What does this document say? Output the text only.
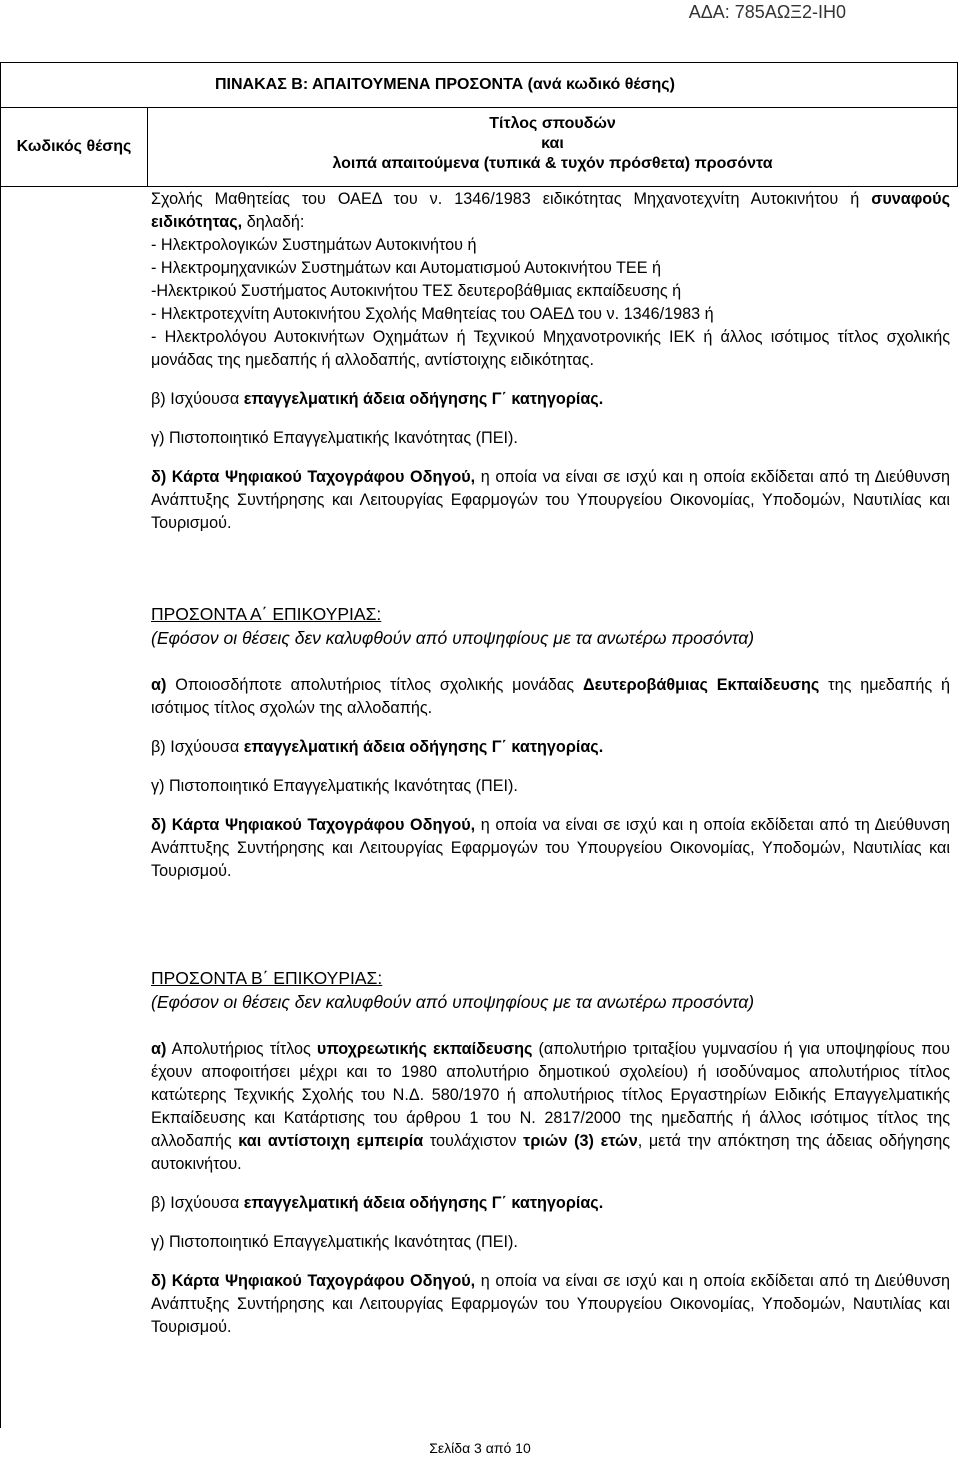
ΑΔΑ: 785ΑΩΞ2-ΙΗ0
ΠΙΝΑΚΑΣ Β: ΑΠΑΙΤΟΥΜΕΝΑ ΠΡΟΣΟΝΤΑ (ανά κωδικό θέσης)
Κωδικός θέσης	
Τίτλος σπουδών
και
λοιπά απαιτούμενα (τυπικά & τυχόν πρόσθετα) προσόντα

Σχολής Μαθητείας του ΟΑΕΔ του ν. 1346/1983 ειδικότητας Μηχανοτεχνίτη Αυτοκινήτου ή συναφούς ειδικότητας, δηλαδή:

- Ηλεκτρολογικών Συστημάτων Αυτοκινήτου ή

- Ηλεκτρομηχανικών Συστημάτων και Αυτοματισμού Αυτοκινήτου ΤΕΕ ή

-Ηλεκτρικού Συστήματος Αυτοκινήτου ΤΕΣ δευτεροβάθμιας εκπαίδευσης ή

- Ηλεκτροτεχνίτη Αυτοκινήτου Σχολής Μαθητείας του ΟΑΕΔ του ν. 1346/1983 ή

- Ηλεκτρολόγου Αυτοκινήτων Οχημάτων ή Τεχνικού Μηχανοτρονικής ΙΕΚ ή άλλος ισότιμος τίτλος σχολικής μονάδας της ημεδαπής ή αλλοδαπής, αντίστοιχης ειδικότητας.

β) Ισχύουσα επαγγελματική άδεια οδήγησης Γ΄ κατηγορίας.

γ) Πιστοποιητικό Επαγγελματικής Ικανότητας (ΠΕΙ).

δ) Κάρτα Ψηφιακού Ταχογράφου Οδηγού, η οποία να είναι σε ισχύ και η οποία εκδίδεται από τη Διεύθυνση Ανάπτυξης Συντήρησης και Λειτουργίας Εφαρμογών του Υπουργείου Οικονομίας, Υποδομών, Ναυτιλίας και Τουρισμού.

ΠΡΟΣΟΝΤΑ Α΄ ΕΠΙΚΟΥΡΙΑΣ:
(Εφόσον οι θέσεις δεν καλυφθούν από υποψηφίους με τα ανωτέρω προσόντα)

α) Οποιοσδήποτε απολυτήριος τίτλος σχολικής μονάδας Δευτεροβάθμιας Εκπαίδευσης της ημεδαπής ή ισότιμος τίτλος σχολών της αλλοδαπής.

β) Ισχύουσα επαγγελματική άδεια οδήγησης Γ΄ κατηγορίας.

γ) Πιστοποιητικό Επαγγελματικής Ικανότητας (ΠΕΙ).

δ) Κάρτα Ψηφιακού Ταχογράφου Οδηγού, η οποία να είναι σε ισχύ και η οποία εκδίδεται από τη Διεύθυνση Ανάπτυξης Συντήρησης και Λειτουργίας Εφαρμογών του Υπουργείου Οικονομίας, Υποδομών, Ναυτιλίας και Τουρισμού.

ΠΡΟΣΟΝΤΑ Β΄ ΕΠΙΚΟΥΡΙΑΣ:
(Εφόσον οι θέσεις δεν καλυφθούν από υποψηφίους με τα ανωτέρω προσόντα)

α) Απολυτήριος τίτλος υποχρεωτικής εκπαίδευσης (απολυτήριο τριταξίου γυμνασίου ή για υποψηφίους που έχουν αποφοιτήσει μέχρι και το 1980 απολυτήριο δημοτικού σχολείου) ή ισοδύναμος απολυτήριος τίτλος κατώτερης Τεχνικής Σχολής του Ν.Δ. 580/1970 ή απολυτήριος τίτλος Εργαστηρίων Ειδικής Επαγγελματικής Εκπαίδευσης και Κατάρτισης του άρθρου 1 του Ν. 2817/2000 της ημεδαπής ή άλλος ισότιμος τίτλος της αλλοδαπής και αντίστοιχη εμπειρία τουλάχιστον τριών (3) ετών, μετά την απόκτηση της άδειας οδήγησης αυτοκινήτου.

β) Ισχύουσα επαγγελματική άδεια οδήγησης Γ΄ κατηγορίας.

γ) Πιστοποιητικό Επαγγελματικής Ικανότητας (ΠΕΙ).

δ) Κάρτα Ψηφιακού Ταχογράφου Οδηγού, η οποία να είναι σε ισχύ και η οποία εκδίδεται από τη Διεύθυνση Ανάπτυξης Συντήρησης και Λειτουργίας Εφαρμογών του Υπουργείου Οικονομίας, Υποδομών, Ναυτιλίας και Τουρισμού.

Σελίδα 3 από 10
